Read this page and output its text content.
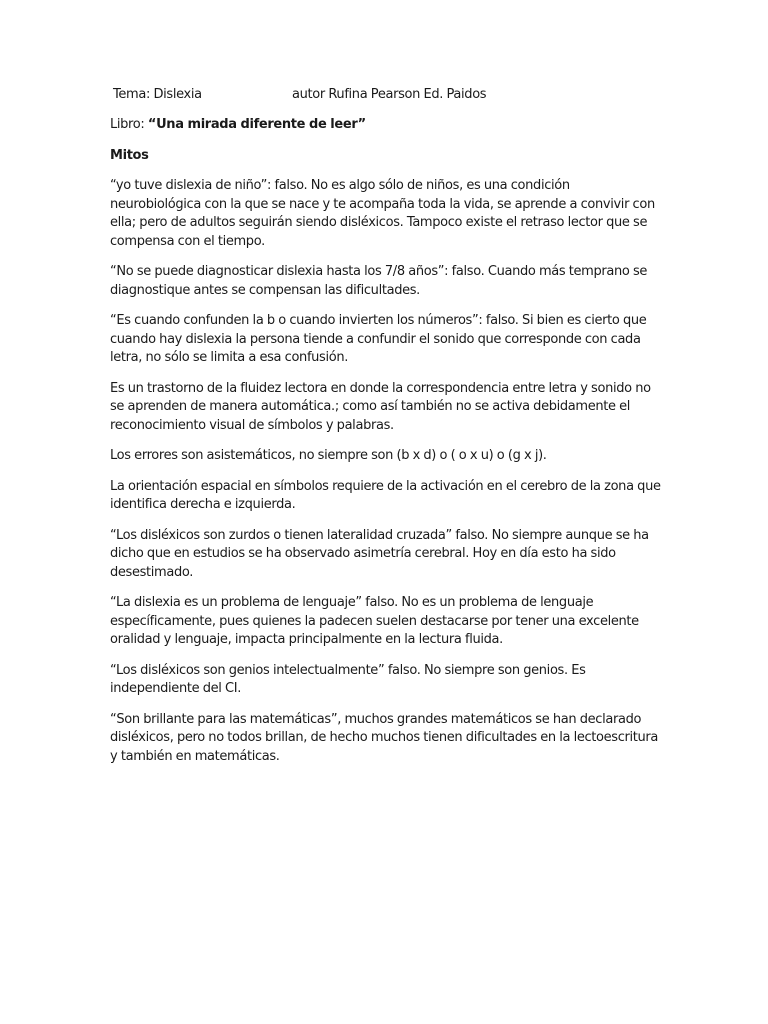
Tema: Dislexia	autor Rufina Pearson Ed. Paidos
Libro: “Una mirada diferente de leer”
Mitos

“yo tuve dislexia de niño”: falso. No es algo sólo de niños, es una condición neurobiológica con la que se nace y te acompaña toda la vida, se aprende a convivir con ella; pero de adultos seguirán siendo disléxicos. Tampoco existe el retraso lector que se compensa con el tiempo.

“No se puede diagnosticar dislexia hasta los 7/8 años”: falso. Cuando más temprano se diagnostique antes se compensan las dificultades.

“Es cuando confunden la b o cuando invierten los números”: falso. Si bien es cierto que cuando hay dislexia la persona tiende a confundir el sonido que corresponde con cada letra, no sólo se limita a esa confusión.

Es un trastorno de la fluidez lectora en donde la correspondencia entre letra y sonido no se aprenden de manera automática.; como así también no se activa debidamente el reconocimiento visual de símbolos y palabras.

Los errores son asistemáticos, no siempre son (b x d) o ( o x u) o (g x j).

La orientación espacial en símbolos requiere de la activación en el cerebro de la zona que identifica derecha e izquierda.

“Los disléxicos son zurdos o tienen lateralidad cruzada” falso. No siempre aunque se ha dicho que en estudios se ha observado asimetría cerebral. Hoy en día esto ha sido desestimado.

“La dislexia es un problema de lenguaje” falso. No es un problema de lenguaje específicamente, pues quienes la padecen suelen destacarse por tener una excelente oralidad y lenguaje, impacta principalmente en la lectura fluida.

“Los disléxicos son genios intelectualmente” falso. No siempre son genios. Es independiente del CI.

“Son brillante para las matemáticas”, muchos grandes matemáticos se han declarado disléxicos, pero no todos brillan, de hecho muchos tienen dificultades en la lectoescritura y también en matemáticas.
